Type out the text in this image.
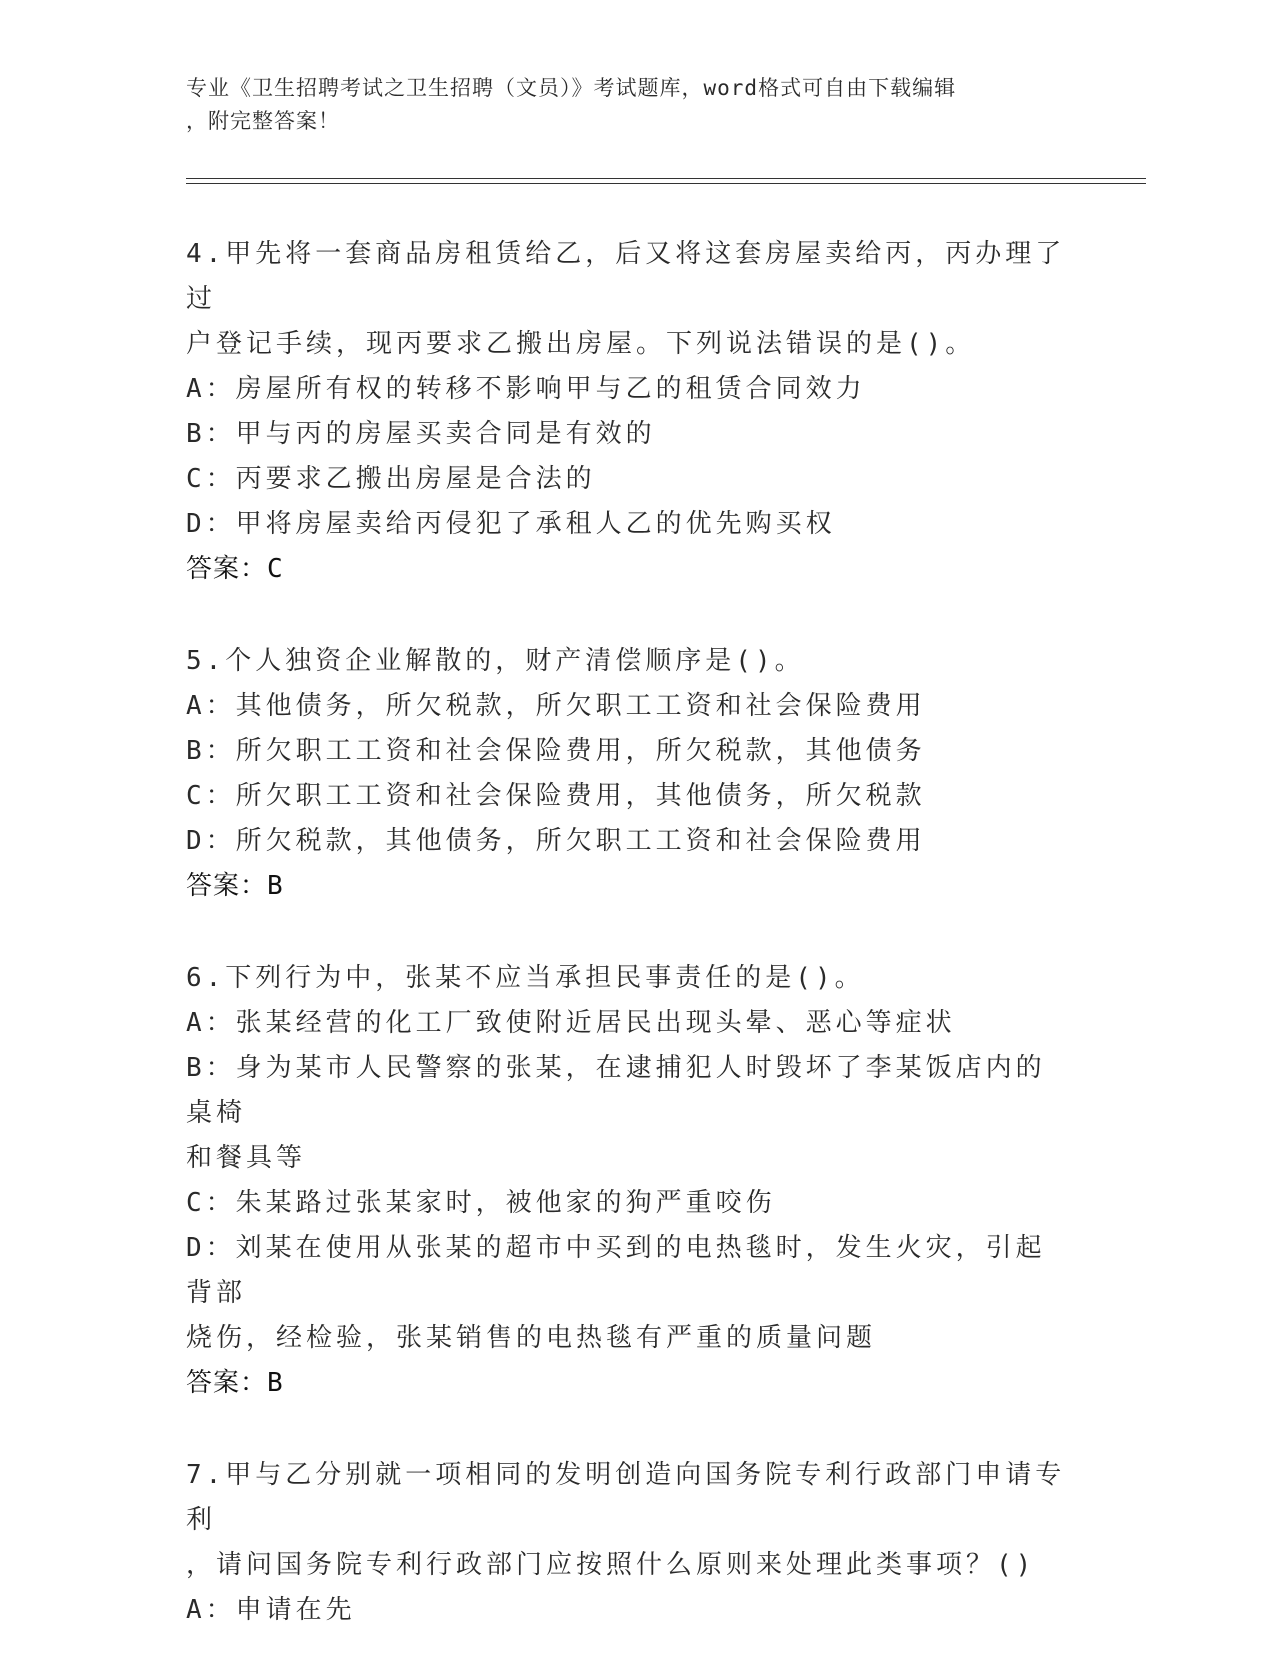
专业《卫生招聘考试之卫生招聘（文员）》考试题库，word格式可自由下载编辑
，附完整答案！

4.甲先将一套商品房租赁给乙，后又将这套房屋卖给丙，丙办理了过

户登记手续，现丙要求乙搬出房屋。下列说法错误的是()。

A：房屋所有权的转移不影响甲与乙的租赁合同效力

B：甲与丙的房屋买卖合同是有效的

C：丙要求乙搬出房屋是合法的

D：甲将房屋卖给丙侵犯了承租人乙的优先购买权

答案：C

5.个人独资企业解散的，财产清偿顺序是()。

A：其他债务，所欠税款，所欠职工工资和社会保险费用

B：所欠职工工资和社会保险费用，所欠税款，其他债务

C：所欠职工工资和社会保险费用，其他债务，所欠税款

D：所欠税款，其他债务，所欠职工工资和社会保险费用

答案：B

6.下列行为中，张某不应当承担民事责任的是()。

A：张某经营的化工厂致使附近居民出现头晕、恶心等症状

B：身为某市人民警察的张某，在逮捕犯人时毁坏了李某饭店内的桌椅

和餐具等

C：朱某路过张某家时，被他家的狗严重咬伤

D：刘某在使用从张某的超市中买到的电热毯时，发生火灾，引起背部

烧伤，经检验，张某销售的电热毯有严重的质量问题

答案：B

7.甲与乙分别就一项相同的发明创造向国务院专利行政部门申请专利

，请问国务院专利行政部门应按照什么原则来处理此类事项？()

A：申请在先
